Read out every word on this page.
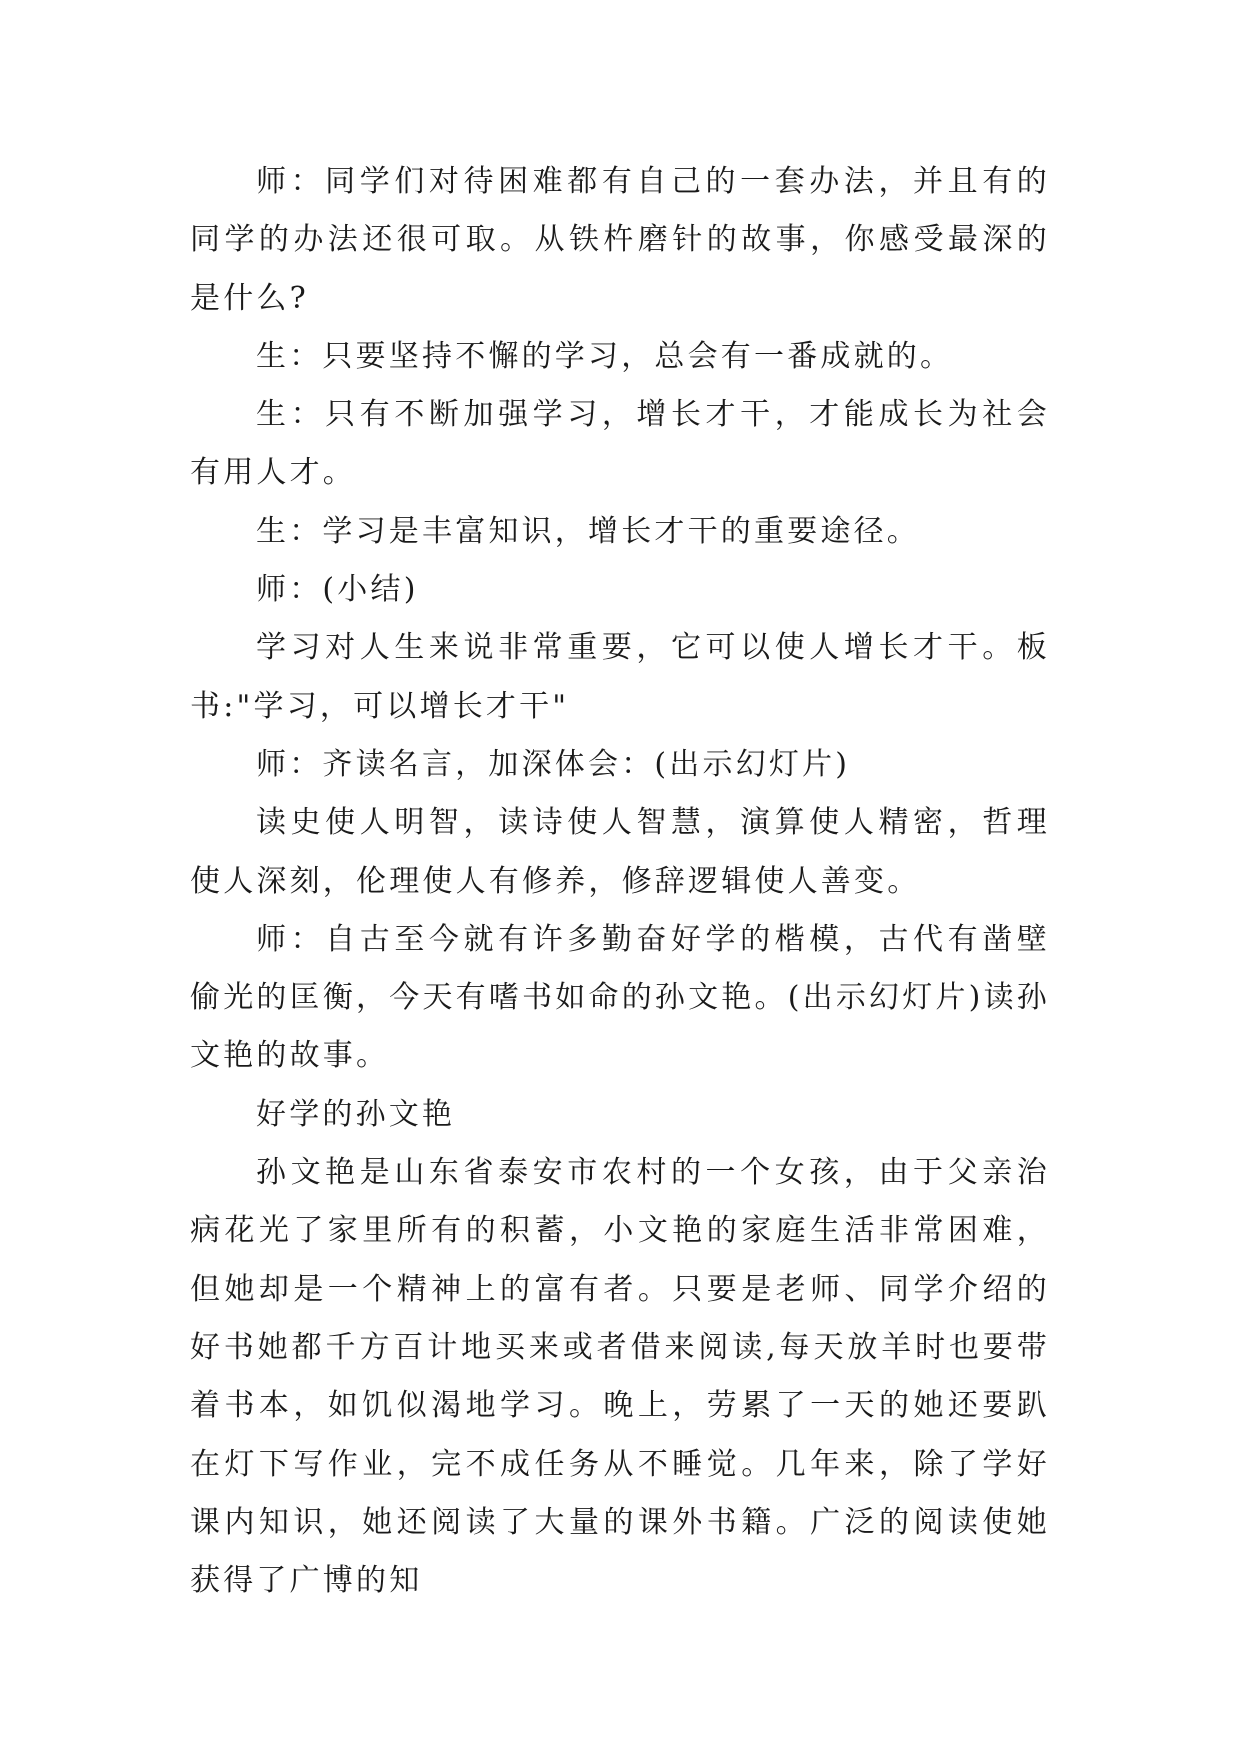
师：同学们对待困难都有自己的一套办法，并且有的同学的办法还很可取。从铁杵磨针的故事，你感受最深的是什么?

生：只要坚持不懈的学习，总会有一番成就的。

生：只有不断加强学习，增长才干，才能成长为社会有用人才。

生：学习是丰富知识，增长才干的重要途径。

师：(小结)

学习对人生来说非常重要，它可以使人增长才干。板书:"学习，可以增长才干"

师：齐读名言，加深体会：(出示幻灯片)

读史使人明智，读诗使人智慧，演算使人精密，哲理使人深刻，伦理使人有修养，修辞逻辑使人善变。

师：自古至今就有许多勤奋好学的楷模，古代有凿壁偷光的匡衡，今天有嗜书如命的孙文艳。(出示幻灯片)读孙文艳的故事。

好学的孙文艳

孙文艳是山东省泰安市农村的一个女孩，由于父亲治病花光了家里所有的积蓄，小文艳的家庭生活非常困难，但她却是一个精神上的富有者。只要是老师、同学介绍的好书她都千方百计地买来或者借来阅读,每天放羊时也要带着书本，如饥似渴地学习。晚上，劳累了一天的她还要趴在灯下写作业，完不成任务从不睡觉。几年来，除了学好课内知识，她还阅读了大量的课外书籍。广泛的阅读使她获得了广博的知
